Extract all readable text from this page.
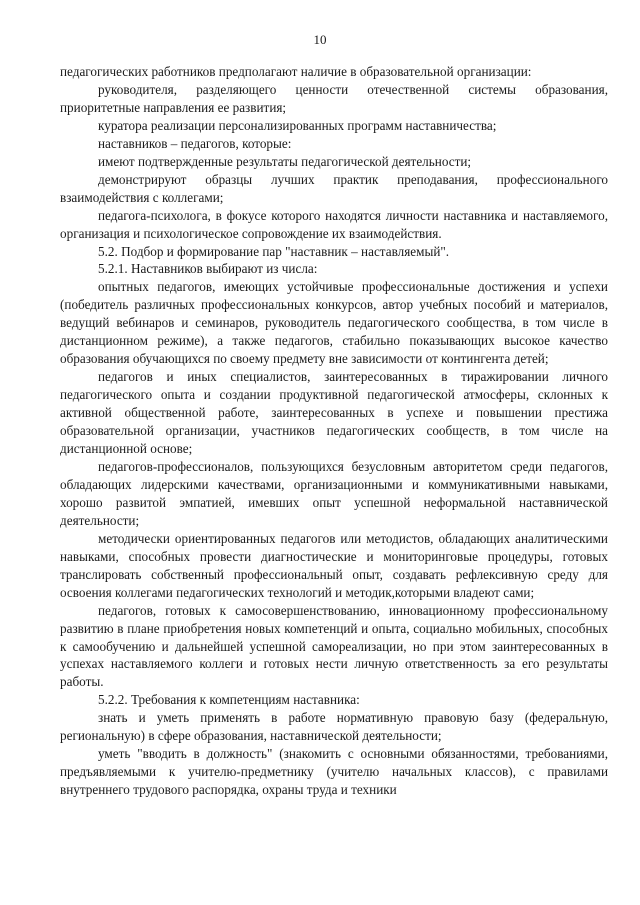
10

педагогических работников предполагают наличие в образовательной организации:

руководителя, разделяющего ценности отечественной системы образования, приоритетные направления ее развития;

куратора реализации персонализированных программ наставничества;

наставников – педагогов, которые:

имеют подтвержденные результаты педагогической деятельности;

демонстрируют образцы лучших практик преподавания, профессионального взаимодействия с коллегами;

педагога-психолога, в фокусе которого находятся личности наставника и наставляемого, организация и психологическое сопровождение их взаимодействия.

5.2. Подбор и формирование пар "наставник – наставляемый".

5.2.1. Наставников выбирают из числа:

опытных педагогов, имеющих устойчивые профессиональные достижения и успехи (победитель различных профессиональных конкурсов, автор учебных пособий и материалов, ведущий вебинаров и семинаров, руководитель педагогического сообщества, в том числе в дистанционном режиме), а также педагогов, стабильно показывающих высокое качество образования обучающихся по своему предмету вне зависимости от контингента детей;

педагогов и иных специалистов, заинтересованных в тиражировании личного педагогического опыта и создании продуктивной педагогической атмосферы, склонных к активной общественной работе, заинтересованных в успехе и повышении престижа образовательной организации, участников педагогических сообществ, в том числе на дистанционной основе;

педагогов-профессионалов, пользующихся безусловным авторитетом среди педагогов, обладающих лидерскими качествами, организационными и коммуникативными навыками, хорошо развитой эмпатией, имевших опыт успешной неформальной наставнической деятельности;

методически ориентированных педагогов или методистов, обладающих аналитическими навыками, способных провести диагностические и мониторинговые процедуры, готовых транслировать собственный профессиональный опыт, создавать рефлексивную среду для освоения коллегами педагогических технологий и методик,которыми владеют сами;

педагогов, готовых к самосовершенствованию, инновационному профессиональному развитию в плане приобретения новых компетенций и опыта, социально мобильных, способных к самообучению и дальнейшей успешной самореализации, но при этом заинтересованных в успехах наставляемого коллеги и готовых нести личную ответственность за его результаты работы.

5.2.2. Требования к компетенциям наставника:

знать и уметь применять в работе нормативную правовую базу (федеральную, региональную) в сфере образования, наставнической деятельности;

уметь "вводить в должность" (знакомить с основными обязанностями, требованиями, предъявляемыми к учителю-предметнику (учителю начальных классов), с правилами внутреннего трудового распорядка, охраны труда и техники
